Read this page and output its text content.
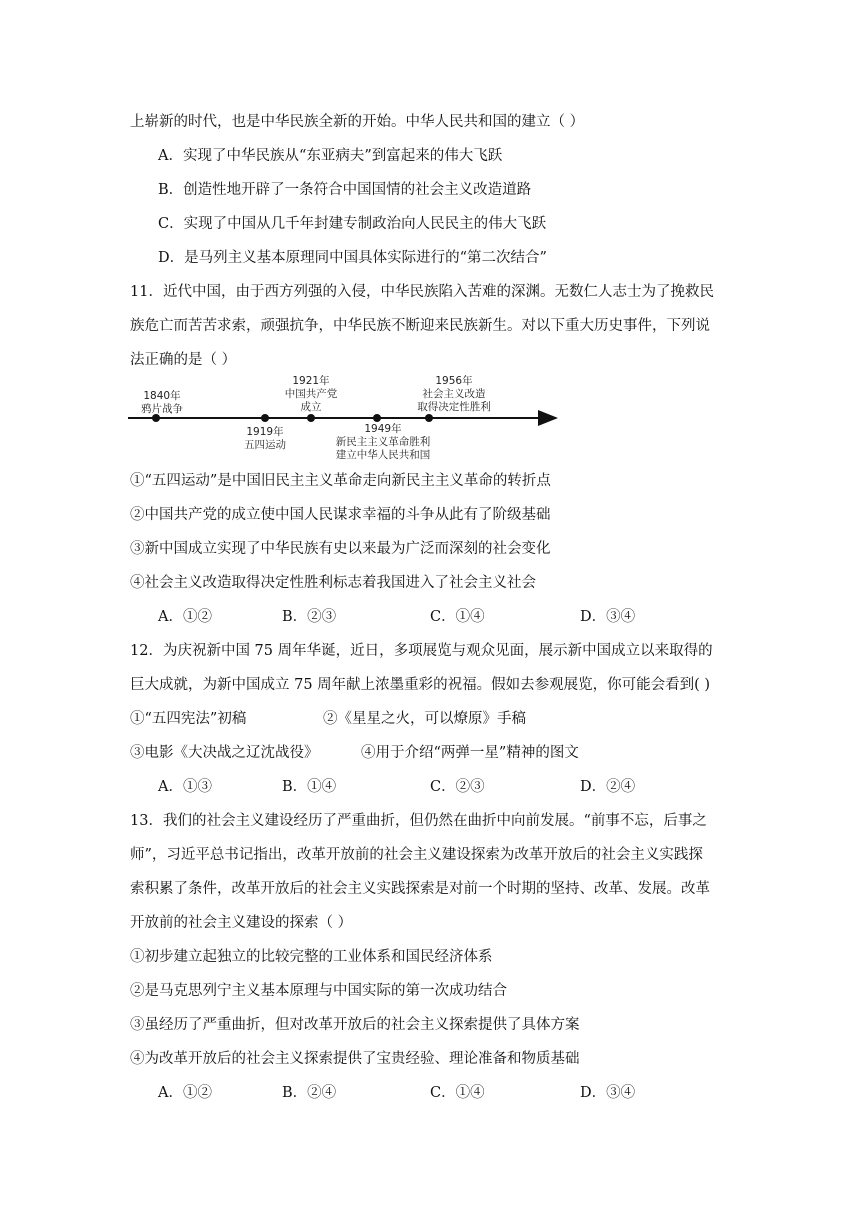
上崭新的时代，也是中华民族全新的开始。中华人民共和国的建立（ ）
A．实现了中华民族从“东亚病夫”到富起来的伟大飞跃
B．创造性地开辟了一条符合中国国情的社会主义改造道路
C．实现了中国从几千年封建专制政治向人民民主的伟大飞跃
D．是马列主义基本原理同中国具体实际进行的“第二次结合”
11．近代中国，由于西方列强的入侵，中华民族陷入苦难的深渊。无数仁人志士为了挽救民
族危亡而苦苦求索，顽强抗争，中华民族不断迎来民族新生。对以下重大历史事件，下列说
法正确的是（ ）
1840年
鸦片战争
1919年
五四运动
1921年
中国共产党
成立
1949年
新民主主义革命胜利
建立中华人民共和国
1956年
社会主义改造
取得决定性胜利
①“五四运动”是中国旧民主主义革命走向新民主主义革命的转折点
②中国共产党的成立使中国人民谋求幸福的斗争从此有了阶级基础
③新中国成立实现了中华民族有史以来最为广泛而深刻的社会变化
④社会主义改造取得决定性胜利标志着我国进入了社会主义社会
A．①②	B．②③	C．①④	D．③④
12．为庆祝新中国 75 周年华诞，近日，多项展览与观众见面，展示新中国成立以来取得的
巨大成就，为新中国成立 75 周年献上浓墨重彩的祝福。假如去参观展览，你可能会看到( )
①“五四宪法”初稿	②《星星之火，可以燎原》手稿
③电影《大决战之辽沈战役》	④用于介绍“两弹一星”精神的图文
A．①③	B．①④	C．②③	D．②④
13．我们的社会主义建设经历了严重曲折，但仍然在曲折中向前发展。“前事不忘，后事之
师”，习近平总书记指出，改革开放前的社会主义建设探索为改革开放后的社会主义实践探
索积累了条件，改革开放后的社会主义实践探索是对前一个时期的坚持、改革、发展。改革
开放前的社会主义建设的探索（ ）
①初步建立起独立的比较完整的工业体系和国民经济体系
②是马克思列宁主义基本原理与中国实际的第一次成功结合
③虽经历了严重曲折，但对改革开放后的社会主义探索提供了具体方案
④为改革开放后的社会主义探索提供了宝贵经验、理论准备和物质基础
A．①②	B．②④	C．①④	D．③④
